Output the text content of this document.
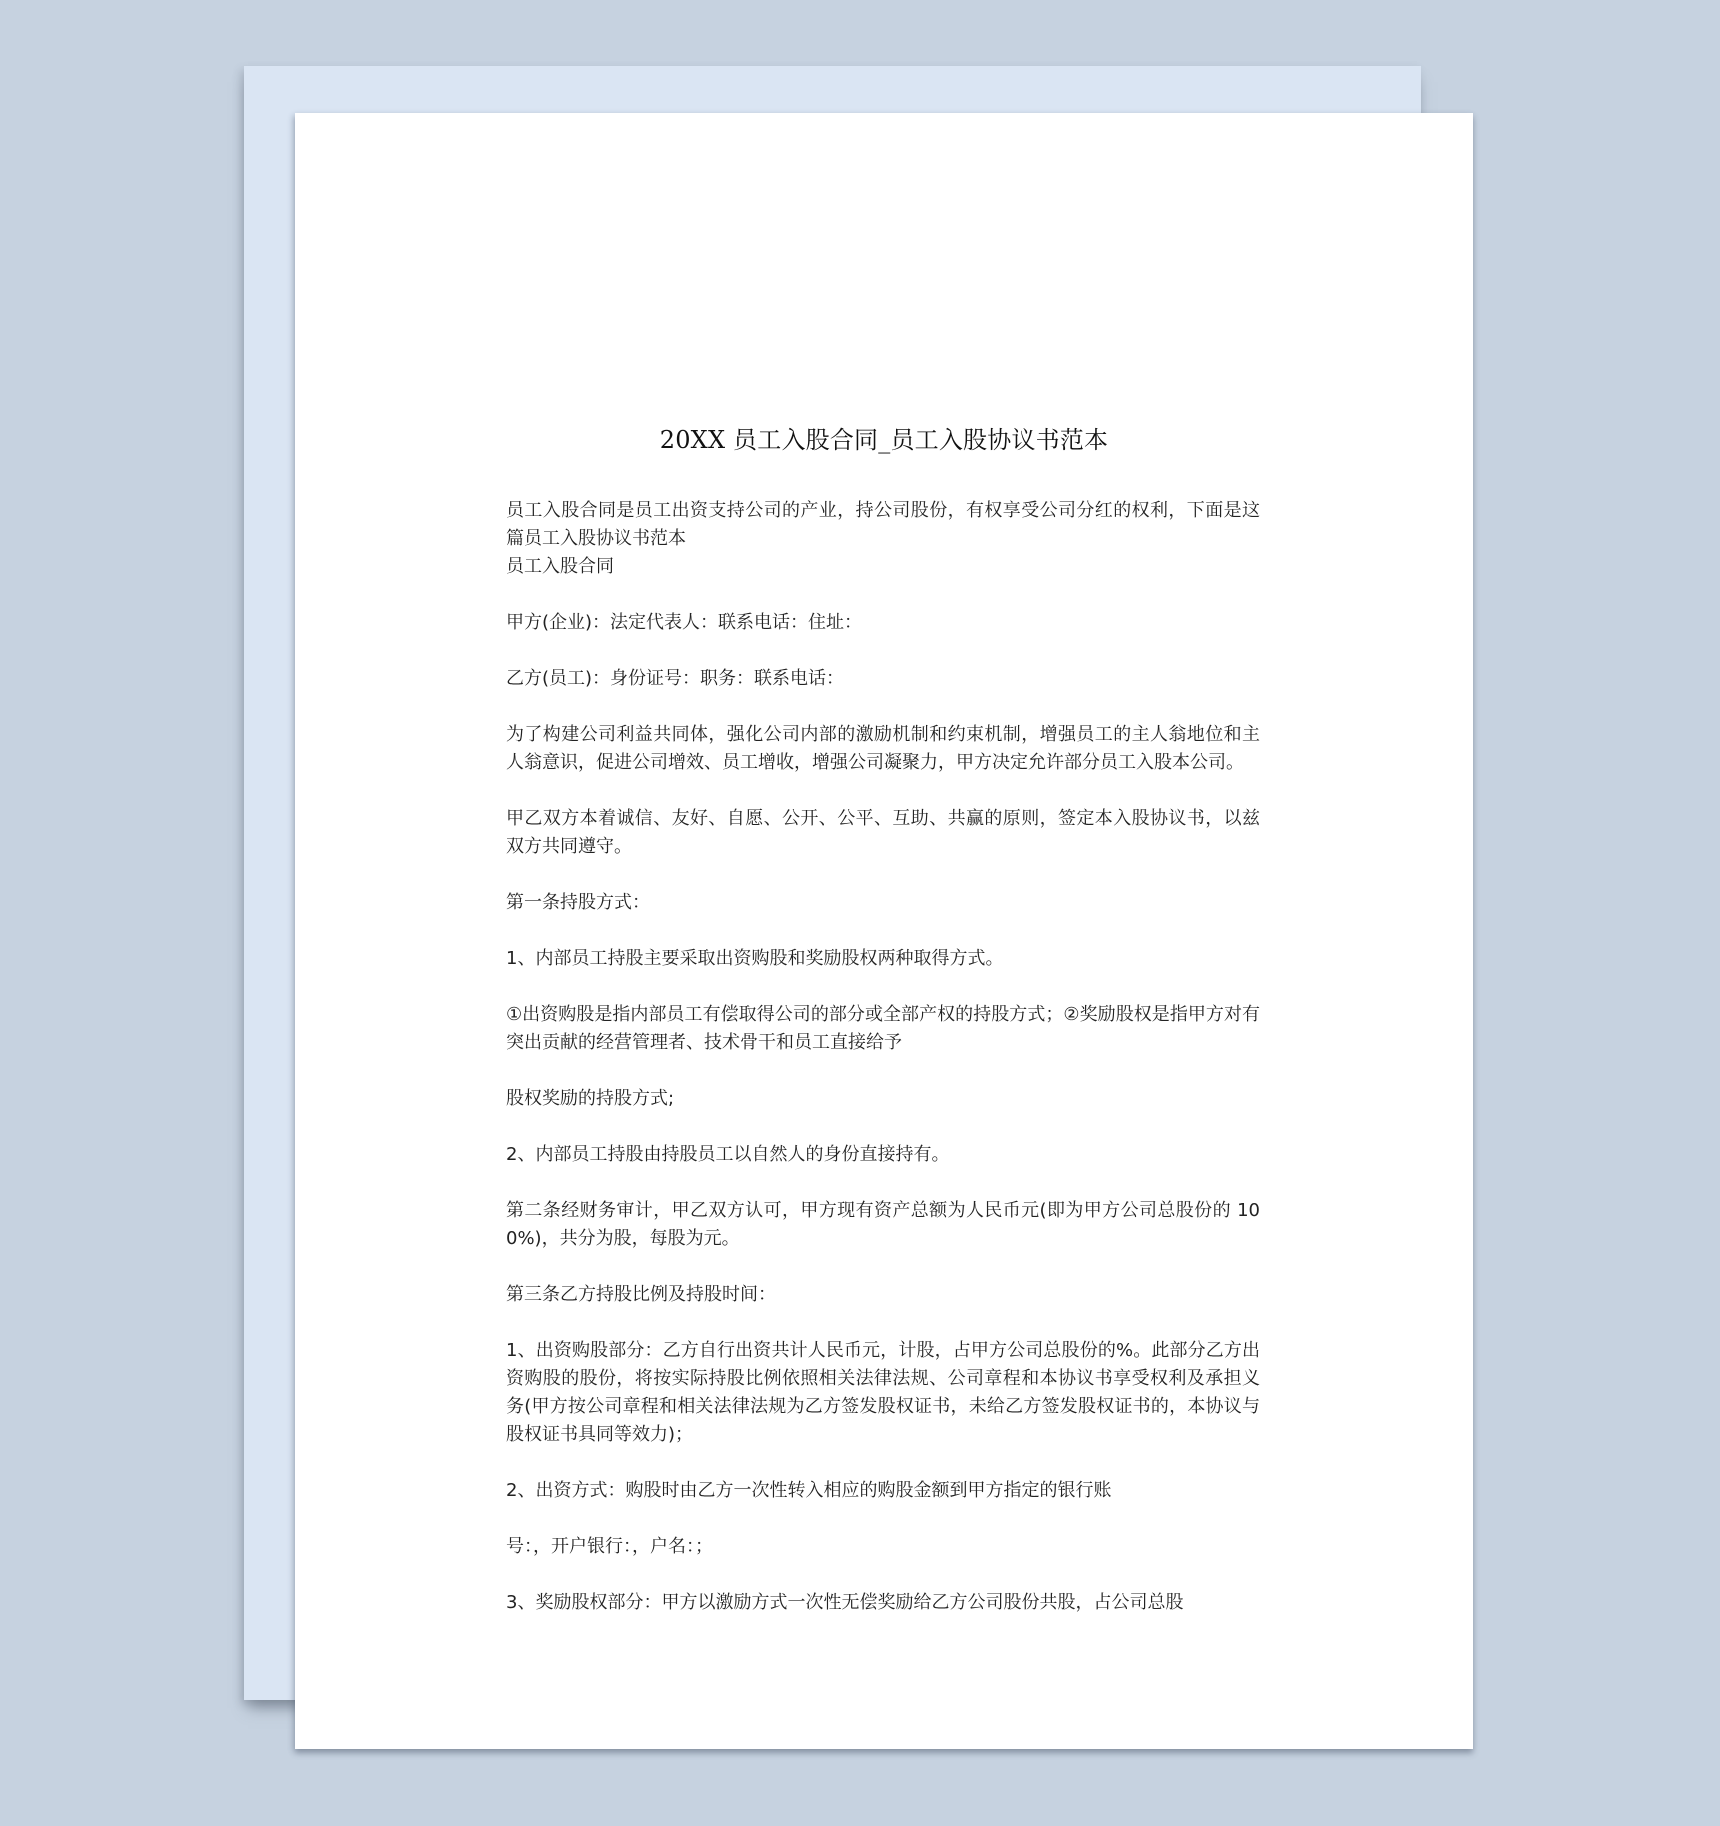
20XX 员工入股合同_员工入股协议书范本

员工入股合同是员工出资支持公司的产业，持公司股份，有权享受公司分红的权利，下面是这篇员工入股协议书范本

员工入股合同

甲方(企业)：法定代表人：联系电话：住址：

乙方(员工)：身份证号：职务：联系电话：

为了构建公司利益共同体，强化公司内部的激励机制和约束机制，增强员工的主人翁地位和主人翁意识，促进公司增效、员工增收，增强公司凝聚力，甲方决定允许部分员工入股本公司。

甲乙双方本着诚信、友好、自愿、公开、公平、互助、共赢的原则，签定本入股协议书，以兹双方共同遵守。

第一条持股方式：

1、内部员工持股主要采取出资购股和奖励股权两种取得方式。

①出资购股是指内部员工有偿取得公司的部分或全部产权的持股方式；②奖励股权是指甲方对有突出贡献的经营管理者、技术骨干和员工直接给予

股权奖励的持股方式;

2、内部员工持股由持股员工以自然人的身份直接持有。

第二条经财务审计，甲乙双方认可，甲方现有资产总额为人民币元(即为甲方公司总股份的 100%)，共分为股，每股为元。

第三条乙方持股比例及持股时间：

1、出资购股部分：乙方自行出资共计人民币元，计股，占甲方公司总股份的%。此部分乙方出资购股的股份，将按实际持股比例依照相关法律法规、公司章程和本协议书享受权利及承担义务(甲方按公司章程和相关法律法规为乙方签发股权证书，未给乙方签发股权证书的，本协议与股权证书具同等效力)；

2、出资方式：购股时由乙方一次性转入相应的购股金额到甲方指定的银行账

号：，开户银行：，户名：；

3、奖励股权部分：甲方以激励方式一次性无偿奖励给乙方公司股份共股，占公司总股
